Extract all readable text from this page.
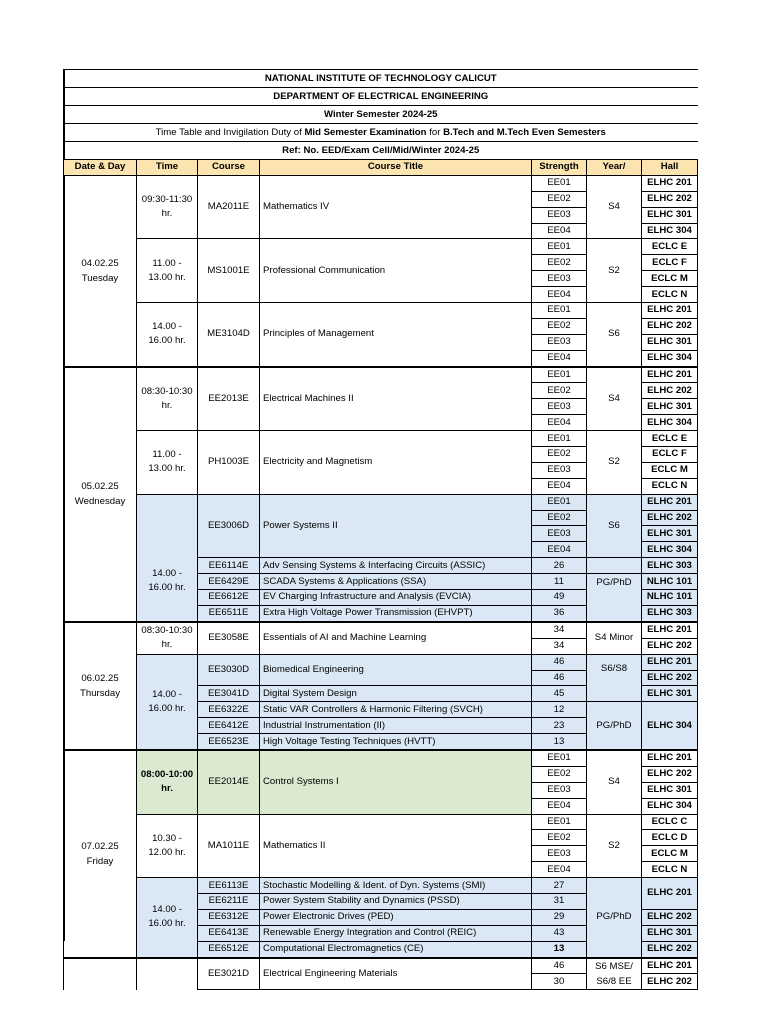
NATIONAL INSTITUTE OF TECHNOLOGY CALICUT						
DEPARTMENT OF ELECTRICAL ENGINEERING						
Winter Semester 2024-25						
Time Table and Invigilation Duty of Mid Semester Examination for B.Tech and M.Tech Even Semesters						
Ref: No. EED/Exam Cell/Mid/Winter 2024-25						
Date & Day	Time	Course	Course Title	Strength	Year/	Hall
04.02.25
Tuesday	09:30-11:30 hr.	MA2011E	Mathematics IV	EE01	S4	ELHC 201
				EE02		ELHC 202
				EE03		ELHC 301
				EE04		ELHC 304
	11.00 - 13.00 hr.	MS1001E	Professional Communication	EE01	S2	ECLC E
				EE02		ECLC F
				EE03		ECLC M
				EE04		ECLC N
	14.00 - 16.00 hr.	ME3104D	Principles of Management	EE01	S6	ELHC 201
				EE02		ELHC 202
				EE03		ELHC 301
				EE04		ELHC 304
05.02.25
Wednesday	08:30-10:30 hr.	EE2013E	Electrical Machines II	EE01	S4	ELHC 201
				EE02		ELHC 202
				EE03		ELHC 301
				EE04		ELHC 304
	11.00 - 13.00 hr.	PH1003E	Electricity and Magnetism	EE01	S2	ECLC E
				EE02		ECLC F
				EE03		ECLC M
				EE04		ECLC N
	14.00 - 16.00 hr.	EE3006D	Power Systems II	EE01	S6	ELHC 201
				EE02		ELHC 202
				EE03		ELHC 301
				EE04		ELHC 304
		EE6114E	Adv Sensing Systems & Interfacing Circuits (ASSIC)	26		ELHC 303
		EE6429E	SCADA Systems & Applications (SSA)	11	PG/PhD	NLHC 101
		EE6612E	EV Charging Infrastructure and Analysis (EVCIA)	49		NLHC 101
		EE6511E	Extra High Voltage Power Transmission (EHVPT)	36		ELHC 303
06.02.25
Thursday	08:30-10:30 hr.	EE3058E	Essentials of AI and Machine Learning	34	S4 Minor	ELHC 201
				34		ELHC 202
	14.00 - 16.00 hr.	EE3030D	Biomedical Engineering	46	S6/S8	ELHC 201
				46		ELHC 202
		EE3041D	Digital System Design	45		ELHC 301
		EE6322E	Static VAR Controllers & Harmonic Filtering (SVCH)	12	PG/PhD	ELHC 304
		EE6412E	Industrial Instrumentation (II)	23		
		EE6523E	High Voltage Testing Techniques (HVTT)	13		
07.02.25
Friday	08:00-10:00 hr.	EE2014E	Control Systems I	EE01	S4	ELHC 201
				EE02		ELHC 202
				EE03		ELHC 301
				EE04		ELHC 304
	10.30 - 12.00 hr.	MA1011E	Mathematics II	EE01	S2	ECLC C
				EE02		ECLC D
				EE03		ECLC M
				EE04		ECLC N
	14.00 - 16.00 hr.	EE6113E	Stochastic Modelling & Ident. of Dyn. Systems (SMI)	27	PG/PhD	ELHC 201
		EE6211E	Power System Stability and Dynamics (PSSD)	31		
		EE6312E	Power Electronic Drives (PED)	29		ELHC 202
		EE6413E	Renewable Energy Integration and Control (REIC)	43		ELHC 301
		EE6512E	Computational Electromagnetics (CE)	13		ELHC 202
		EE3021D	Electrical Engineering Materials	46	S6 MSE/ S6/8 EE	ELHC 201
				30		ELHC 202
